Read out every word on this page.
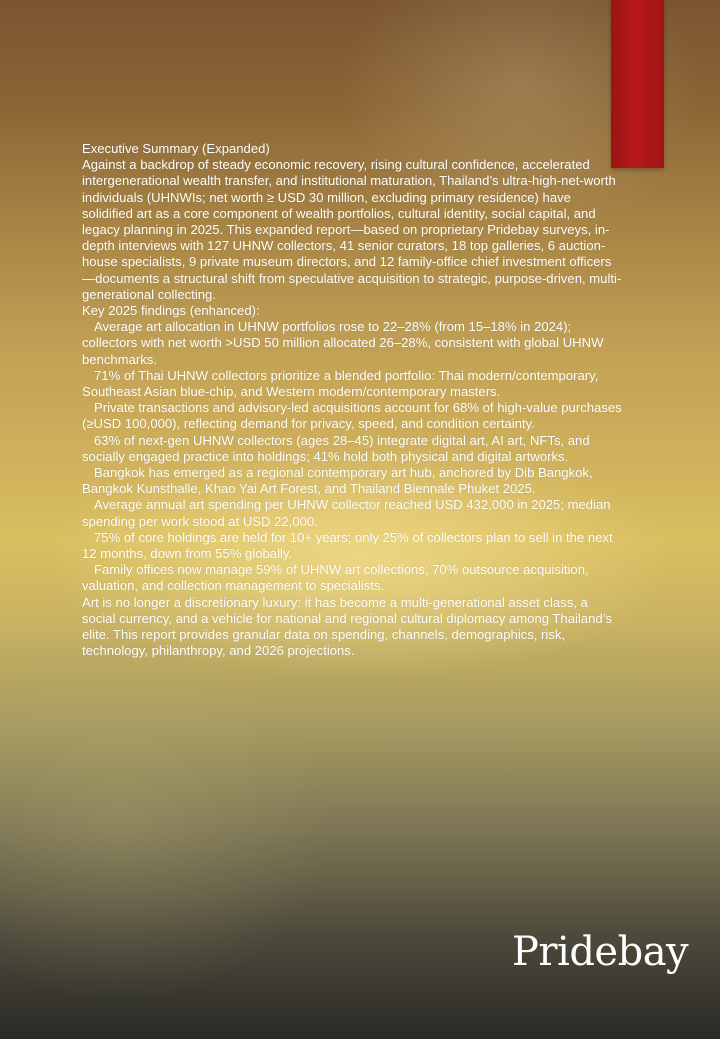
Executive Summary (Expanded)

Against a backdrop of steady economic recovery, rising cultural confidence, accelerated intergenerational wealth transfer, and institutional maturation, Thailand’s ultra-high-net-worth individuals (UHNWIs; net worth ≥ USD 30 million, excluding primary residence) have solidified art as a core component of wealth portfolios, cultural identity, social capital, and legacy planning in 2025. This expanded report—based on proprietary Pridebay surveys, in-depth interviews with 127 UHNW collectors, 41 senior curators, 18 top galleries, 6 auction-house specialists, 9 private museum directors, and 12 family-office chief investment officers—documents a structural shift from speculative acquisition to strategic, purpose-driven, multi-generational collecting.

Key 2025 findings (enhanced):

Average art allocation in UHNW portfolios rose to 22–28% (from 15–18% in 2024); collectors with net worth >USD 50 million allocated 26–28%, consistent with global UHNW benchmarks.

71% of Thai UHNW collectors prioritize a blended portfolio: Thai modern/contemporary, Southeast Asian blue-chip, and Western modern/contemporary masters.

Private transactions and advisory-led acquisitions account for 68% of high-value purchases (≥USD 100,000), reflecting demand for privacy, speed, and condition certainty.

63% of next-gen UHNW collectors (ages 28–45) integrate digital art, AI art, NFTs, and socially engaged practice into holdings; 41% hold both physical and digital artworks.

Bangkok has emerged as a regional contemporary art hub, anchored by Dib Bangkok, Bangkok Kunsthalle, Khao Yai Art Forest, and Thailand Biennale Phuket 2025.

Average annual art spending per UHNW collector reached USD 432,000 in 2025; median spending per work stood at USD 22,000.

75% of core holdings are held for 10+ years; only 25% of collectors plan to sell in the next 12 months, down from 55% globally.

Family offices now manage 59% of UHNW art collections; 70% outsource acquisition, valuation, and collection management to specialists.

Art is no longer a discretionary luxury: it has become a multi-generational asset class, a social currency, and a vehicle for national and regional cultural diplomacy among Thailand’s elite. This report provides granular data on spending, channels, demographics, risk, technology, philanthropy, and 2026 projections.

Pridebay
